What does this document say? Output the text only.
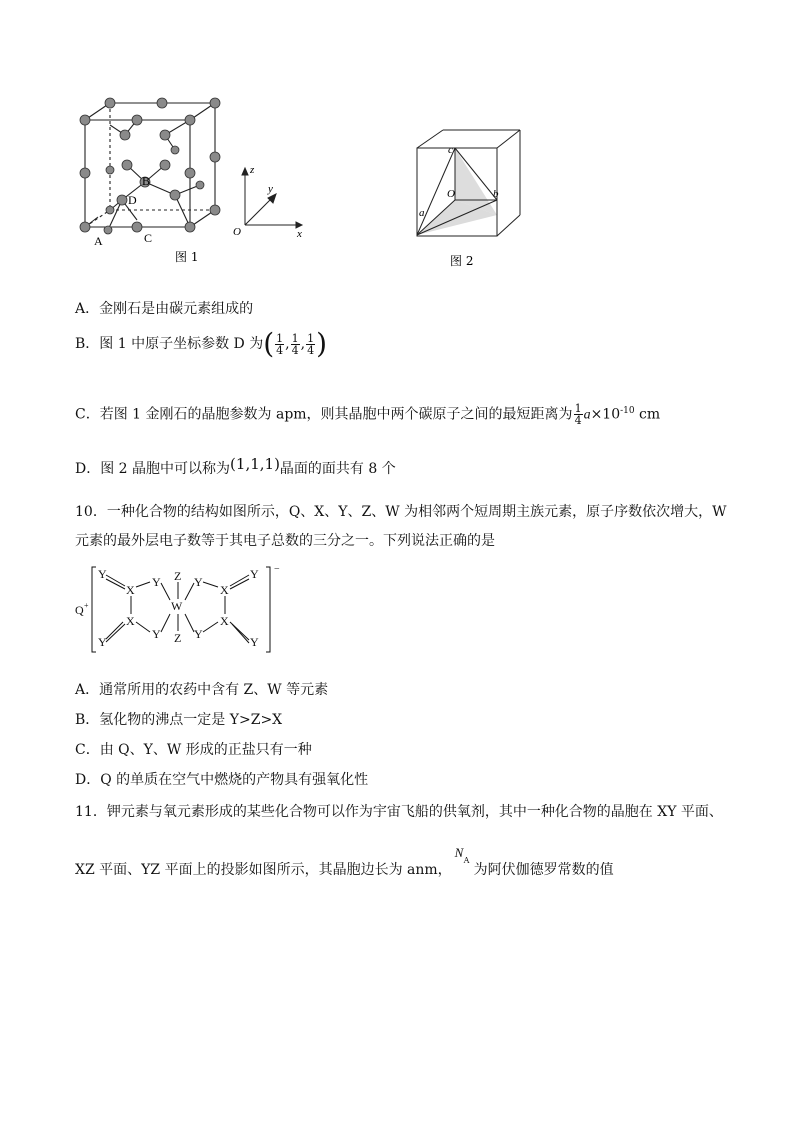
A	C
B
D
z
y
x
O
图 1
c
O	b
a
图 2
A．金刚石是由碳元素组成的
B．图 1 中原子坐标参数 D 为( $\frac{1}{4}$ , $\frac{1}{4}$ , $\frac{1}{4}$ )
C．若图 1 金刚石的晶胞参数为 apm，则其晶胞中两个碳原子之间的最短距离为 $\frac{1}{4} a\times 10^{-10}$ cm
D．图 2 晶胞中可以称为(1,1,1)晶面的面共有 8 个
10．一种化合物的结构如图所示，Q、X、Y、Z、W 为相邻两个短周期主族元素，原子序数依次增大，W
元素的最外层电子数等于其电子总数的三分之一。下列说法正确的是
Q +
Y
Y Z Y
Y
X	X
W
X	X
Y Z Y
Y	Y
−
A．通常所用的农药中含有 Z、W 等元素
B．氢化物的沸点一定是 Y>Z>X
C．由 Q、Y、W 形成的正盐只有一种
D．Q 的单质在空气中燃烧的产物具有强氧化性
11．钾元素与氧元素形成的某些化合物可以作为宇宙飞船的供氧剂，其中一种化合物的晶胞在 XY 平面、
XZ 平面、YZ 平面上的投影如图所示，其晶胞边长为 anm，
N
A
为阿伏伽德罗常数的值
